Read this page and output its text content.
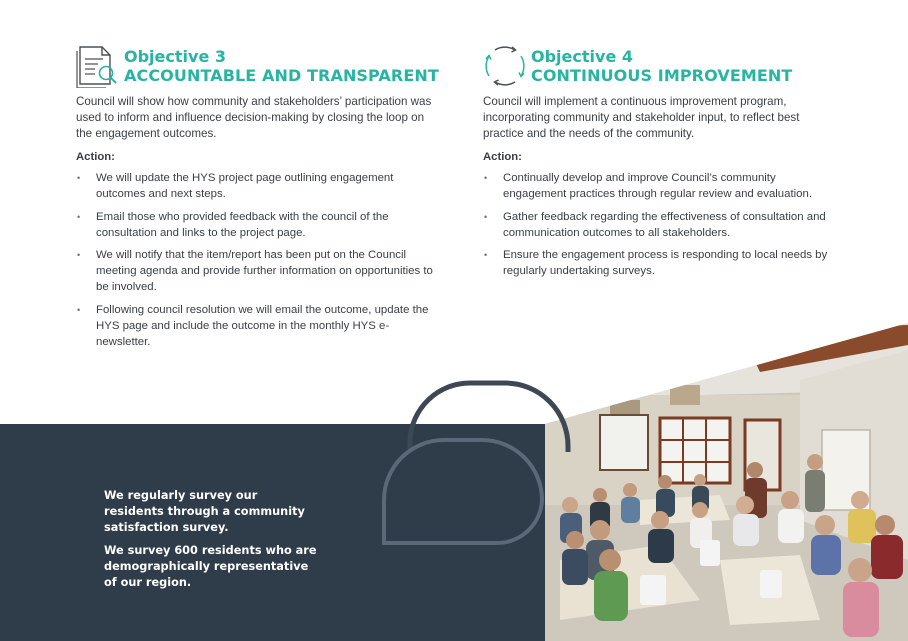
Objective 3
ACCOUNTABLE AND TRANSPARENT

Council will show how community and stakeholders’ participation was used to inform and influence decision-making by closing the loop on the engagement outcomes.

Action:
• We will update the HYS project page outlining engagement outcomes and next steps.
• Email those who provided feedback with the council of the consultation and links to the project page.
• We will notify that the item/report has been put on the Council meeting agenda and provide further information on opportunities to be involved.
• Following council resolution we will email the outcome, update the HYS page and include the outcome in the monthly HYS e-newsletter.
Objective 4
CONTINUOUS IMPROVEMENT

Council will implement a continuous improvement program, incorporating community and stakeholder input, to reflect best practice and the needs of the community.

Action:
• Continually develop and improve Council’s community engagement practices through regular review and evaluation.
• Gather feedback regarding the effectiveness of consultation and communication outcomes to all stakeholders.
• Ensure the engagement process is responding to local needs by regularly undertaking surveys.

We regularly survey our residents through a community satisfaction survey.

We survey 600 residents who are demographically representative of our region.
